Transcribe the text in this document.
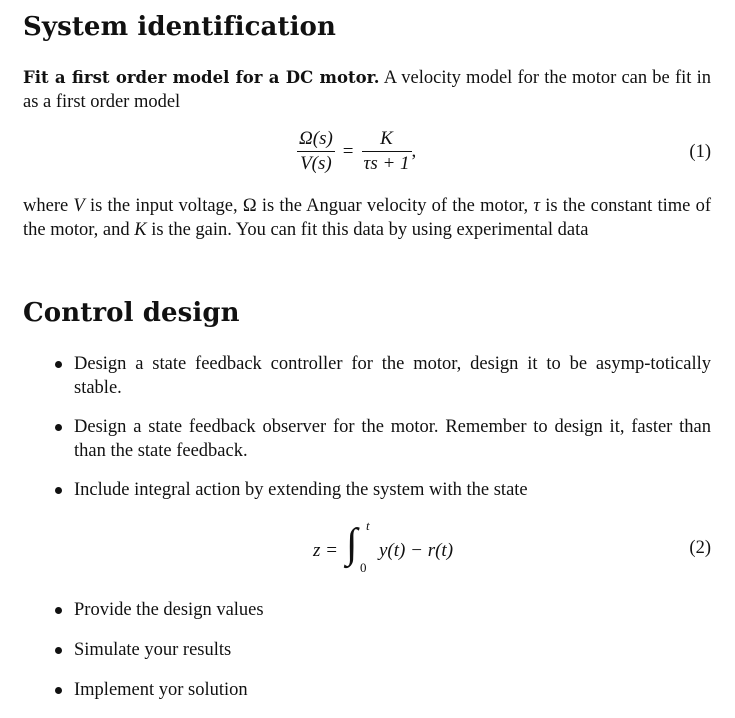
System identification

Fit a first order model for a DC motor. A velocity model for the motor can be fit in as a first order model

$\frac{\Omega(s)}{V(s)} = \frac{K}{\tau s + 1}$ ,	(1)

where V is the input voltage, Ω is the Anguar velocity of the motor, τ is the constant time of the motor, and K is the gain. You can fit this data by using experimental data

Control design
Design a state feedback controller for the motor, design it to be asymp-totically stable.
Design a state feedback observer for the motor. Remember to design it, faster than than the state feedback.
Include integral action by extending the system with the state
z = ∫ t
0
y(t) − r(t)	(2)
Provide the design values
Simulate your results
Implement yor solution
